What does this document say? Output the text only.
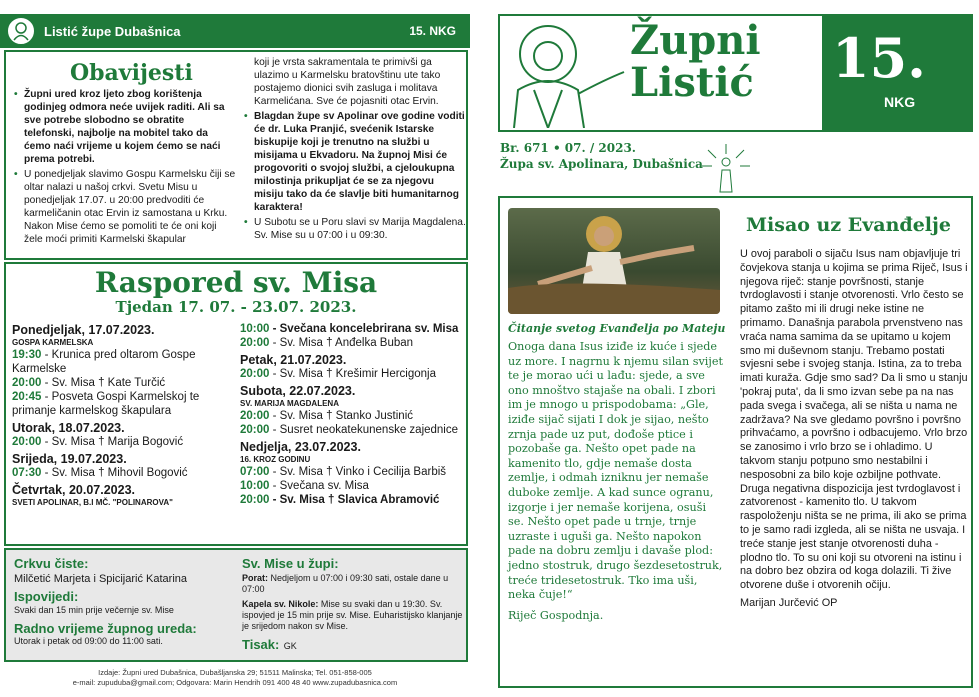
Listić župe Dubašnica	15. NKG
Obavijesti
• Župni ured kroz ljeto zbog korištenja godinjeg odmora neće uvijek raditi. Ali sa sve potrebe slobodno se obratite telefonski, najbolje na mobitel tako da ćemo naći vrijeme u kojem ćemo se naći prema potrebi.
• U ponedjeljak slavimo Gospu Karmelsku čiji se oltar nalazi u našoj crkvi. Svetu Misu u ponedjeljak 17.07. u 20:00 predvoditi će karmeličanin otac Ervin iz samostana u Krku. Nakon Mise ćemo se pomoliti te će oni koji žele moći primiti Karmelski škapular
koji je vrsta sakramentala te primivši ga ulazimo u Karmelsku bratovštinu ute tako postajemo dionici svih zasluga i molitava Karmelićana. Sve će pojasniti otac Ervin.
• Blagdan župe sv Apolinar ove godine voditi će dr. Luka Pranjić, svećenik Istarske biskupije koji je trenutno na službi u misijama u Ekvadoru. Na župnoj Misi će progovoriti o svojoj službi, a cjeloukupna milostinja prikupljat će se za njegovu misiju tako da će slavlje biti humanitarnog karaktera!
• U Subotu se u Poru slavi sv Marija Magdalena. Sv. Mise su u 07:00 i u 09:30.
Raspored sv. Misa
Tjedan 17. 07. - 23.07. 2023.
Ponedjeljak, 17.07.2023.
GOSPA KARMELSKA
19:30 - Krunica pred oltarom Gospe Karmelske
20:00 - Sv. Misa † Kate Turčić
20:45 - Posveta Gospi Karmelskoj te primanje karmelskog škapulara
Utorak, 18.07.2023.
20:00 - Sv. Misa † Marija Bogović
Srijeda, 19.07.2023.
07:30 - Sv. Misa † Mihovil Bogović
Četvrtak, 20.07.2023.
SVETI APOLINAR, B.I MČ. "POLINAROVA"
10:00 - Svečana koncelebrirana sv. Misa
20:00 - Sv. Misa † Anđelka Buban
Petak, 21.07.2023.
20:00 - Sv. Misa † Krešimir Hercigonja
Subota, 22.07.2023.
SV. MARIJA MAGDALENA
20:00 - Sv. Misa † Stanko Justinić
20:00 - Susret neokatekunenske zajednice
Nedjelja, 23.07.2023.
16. KROZ GODINU
07:00 - Sv. Misa † Vinko i Cecilija Barbiš
10:00 - Svečana sv. Misa
20:00 - Sv. Misa † Slavica Abramović
Crkvu čiste:
Milčetić Marjeta i Spicijarić Katarina
Ispovijedi:
Svaki dan 15 min prije večernje sv. Mise
Radno vrijeme župnog ureda:
Utorak i petak od 09:00 do 11:00 sati.
Sv. Mise u župi:
Porat: Nedjeljom u 07:00 i 09:30 sati, ostale dane u 07:00
Kapela sv. Nikole: Mise su svaki dan u 19:30. Sv. ispovjed je 15 min prije sv. Mise. Euharistijsko klanjanje je srijedom nakon sv Mise.
Tisak: GK
Izdaje: Župni ured Dubašnica, Dubašljanska 29; 51511 Malinska; Tel. 051-858-005
e-mail: zupuduba@gmail.com; Odgovara: Marin Hendrih 091 400 48 40 www.zupadubasnica.com
Župni
Listić 15.
NKG
Br. 671 • 07. / 2023.
Župa sv. Apolinara, Dubašnica
Čitanje svetog Evanđelja po Mateju
Onoga dana Isus iziđe iz kuće i sjede uz more. I nagrnu k njemu silan svijet te je morao ući u lađu: sjede, a sve ono mnoštvo stajaše na obali. I zbori im je mnogo u prispodobama: „Gle, iziđe sijač sijati I dok je sijao, nešto zrnja pade uz put, dođoše ptice i pozobaše ga. Nešto opet pade na kamenito tlo, gdje nemaše dosta zemlje, i odmah izniknu jer nemaše duboke zemlje. A kad sunce ogranu, izgorje i jer nemaše korijena, osuši se. Nešto opet pade u trnje, trnje uzraste i uguši ga. Nešto napokon pade na dobru zemlju i davaše plod: jedno stostruk, drugo šezdesetostruk, treće tridesetostruk. Tko ima uši, neka čuje!“
Riječ Gospodnja.
Misao uz Evanđelje
U ovoj paraboli o sijaču Isus nam objavljuje tri čovjekova stanja u kojima se prima Riječ, Isus i njegova riječ: stanje površnosti, stanje tvrdoglavosti i stanje otvorenosti. Vrlo često se pitamo zašto mi ili drugi neke istine ne primamo. Današnja parabola prvenstveno nas vraća nama samima da se upitamo u kojem smo mi duševnom stanju. Trebamo postati svjesni sebe i svojeg stanja. Istina, za to treba imati kuraža. Gdje smo sad? Da li smo u stanju 'pokraj puta', da li smo izvan sebe pa na nas pada svega i svačega, ali se ništa u nama ne zadržava? Na sve gledamo površno i površno prihvaćamo, a površno i odbacujemo. Vrlo brzo se zanosimo i vrlo brzo se i ohladimo. U takvom stanju potpuno smo nestabilni i nesposobni za bilo koje ozbiljne pothvate. Druga negativna dispozicija jest tvrdoglavost i zatvorenost - kamenito tlo. U takvom raspoloženju ništa se ne prima, ili ako se prima to je samo radi izgleda, ali se ništa ne usvaja. I treće stanje jest stanje otvorenosti duha - plodno tlo. To su oni koji su otvoreni na istinu i na dobro bez obzira od koga dolazili. Ti žive otvorene duše i otvorenih očiju.
Marijan Jurčević OP
